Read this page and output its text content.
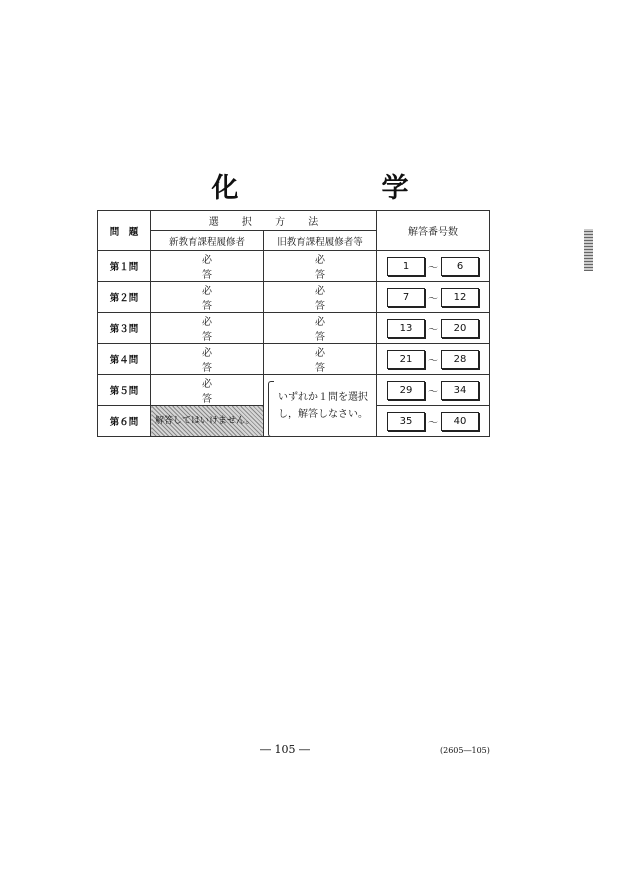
化　学
問　題	選 択 方 法		解答番号数
	新教育課程履修者	旧教育課程履修者等	
第１問	必　答	必　答	1 ～ 6
第２問	必　答	必　答	7 ～ 12
第３問	必　答	必　答	13 ～ 20
第４問	必　答	必　答	21 ～ 28
第５問	必　答	いずれか１問を選択し，解答しなさい。	29 ～ 34
第６問	解答してはいけません。		35 ～ 40
― 105 ―	(2605―105)
